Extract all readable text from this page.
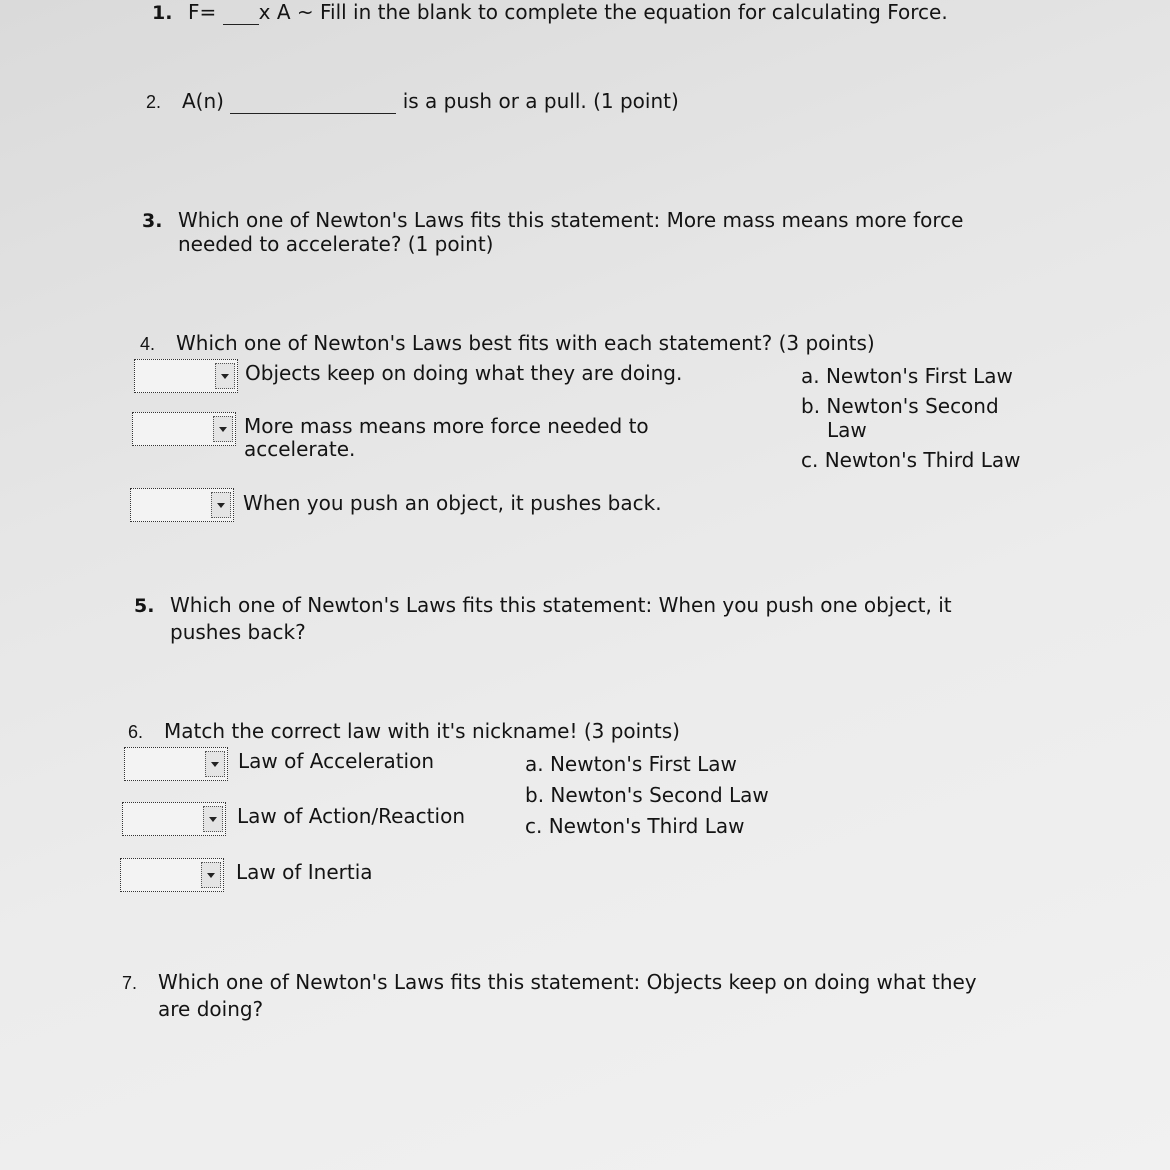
1. F= x A ~ Fill in the blank to complete the equation for calculating Force.
2. A(n)	is a push or a pull. (1 point)
3. Which one of Newton's Laws fits this statement: More mass means more force
needed to accelerate? (1 point)
4. Which one of Newton's Laws best fits with each statement? (3 points)
Objects keep on doing what they are doing.
More mass means more force needed to
accelerate.
When you push an object, it pushes back.
a. Newton's First Law
b. Newton's Second
Law
c. Newton's Third Law
5. Which one of Newton's Laws fits this statement: When you push one object, it
pushes back?
6. Match the correct law with it's nickname! (3 points)
Law of Acceleration
Law of Action/Reaction
Law of Inertia
a. Newton's First Law
b. Newton's Second Law
c. Newton's Third Law
7. Which one of Newton's Laws fits this statement: Objects keep on doing what they
are doing?
